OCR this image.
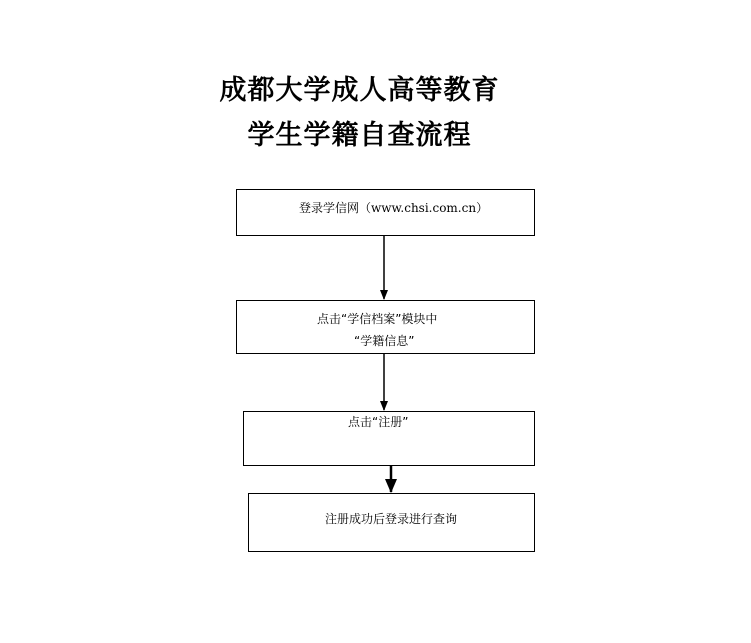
成都大学成人高等教育
学生学籍自查流程
登录学信网（www.chsi.com.cn）
点击“学信档案”模块中
“学籍信息”
点击“注册”
注册成功后登录进行查询
